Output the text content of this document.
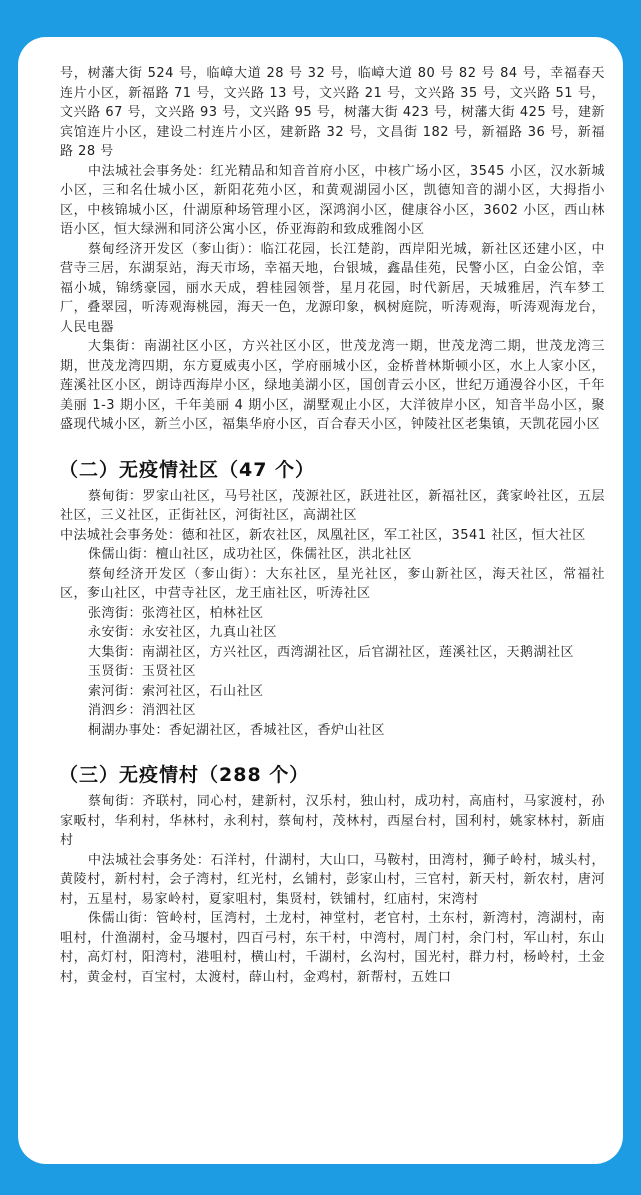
号，树藩大街 524 号，临嶂大道 28 号 32 号，临嶂大道 80 号 82 号 84 号，幸福春天连片小区，新福路 71 号，文兴路 13 号，文兴路 21 号，文兴路 35 号，文兴路 51 号，文兴路 67 号，文兴路 93 号，文兴路 95 号，树藩大街 423 号，树藩大街 425 号，建新宾馆连片小区，建设二村连片小区，建新路 32 号，文昌街 182 号，新福路 36 号，新福路 28 号

中法城社会事务处：红光精品和知音首府小区，中核广场小区，3545 小区，汉水新城小区，三和名仕城小区，新阳花苑小区，和黄观湖园小区，凯德知音的湖小区，大拇指小区，中核锦城小区，什湖原种场管理小区，深鸿润小区，健康谷小区，3602 小区，西山林语小区，恒大绿洲和同济公寓小区，侨亚海韵和致成雅阁小区

蔡甸经济开发区（奓山街）：临江花园，长江楚韵，西岸阳光城，新社区还建小区，中营寺三居，东湖泵站，海天市场，幸福天地，台银城，鑫晶佳苑，民警小区，白金公馆，幸福小城，锦绣豪园，丽水天成，碧桂园领誉，星月花园，时代新居，天城雅居，汽车梦工厂，叠翠园，听涛观海桃园，海天一色，龙源印象，枫树庭院，听涛观海，听涛观海龙台，人民电器

大集街：南湖社区小区，方兴社区小区，世茂龙湾一期，世茂龙湾二期，世茂龙湾三期，世茂龙湾四期，东方夏威夷小区，学府丽城小区，金桥普林斯顿小区，水上人家小区，莲溪社区小区，朗诗西海岸小区，绿地美湖小区，国创青云小区，世纪万通漫谷小区，千年美丽 1-3 期小区，千年美丽 4 期小区，湖墅观止小区，大洋彼岸小区，知音半岛小区，聚盛现代城小区，新兰小区，福集华府小区，百合春天小区，钟陵社区老集镇，天凯花园小区

（二）无疫情社区（47 个）

蔡甸街：罗家山社区，马号社区，茂源社区，跃进社区，新福社区，龚家岭社区，五层社区，三义社区，正街社区，河街社区，高湖社区

中法城社会事务处：德和社区，新农社区，凤凰社区，军工社区，3541 社区，恒大社区

侏儒山街：檀山社区，成功社区，侏儒社区，洪北社区

蔡甸经济开发区（奓山街）：大东社区，星光社区，奓山新社区，海天社区，常福社区，奓山社区，中营寺社区，龙王庙社区，听涛社区

张湾街：张湾社区，柏林社区

永安街：永安社区，九真山社区

大集街：南湖社区，方兴社区，西湾湖社区，后官湖社区，莲溪社区，天鹅湖社区

玉贤街：玉贤社区

索河街：索河社区，石山社区

消泗乡：消泗社区

桐湖办事处：香妃湖社区，香城社区，香炉山社区

（三）无疫情村（288 个）

蔡甸街：齐联村，同心村，建新村，汉乐村，独山村，成功村，高庙村，马家渡村，孙家畈村，华利村，华林村，永利村，蔡甸村，茂林村，西屋台村，国利村，姚家林村，新庙村

中法城社会事务处：石洋村，什湖村，大山口，马鞍村，田湾村，狮子岭村，城头村，黄陵村，新村村，会子湾村，红光村，幺铺村，彭家山村，三官村，新天村，新农村，唐河村，五星村，易家岭村，夏家咀村，集贤村，铁铺村，红庙村，宋湾村

侏儒山街：管岭村，匡湾村，土龙村，神堂村，老官村，土东村，新湾村，湾湖村，南咀村，什渔湖村，金马堰村，四百弓村，东干村，中湾村，周门村，余门村，军山村，东山村，高灯村，阳湾村，港咀村，横山村，千湖村，幺沟村，国光村，群力村，杨岭村，土金村，黄金村，百宝村，太渡村，薛山村，金鸡村，新帮村，五姓口
